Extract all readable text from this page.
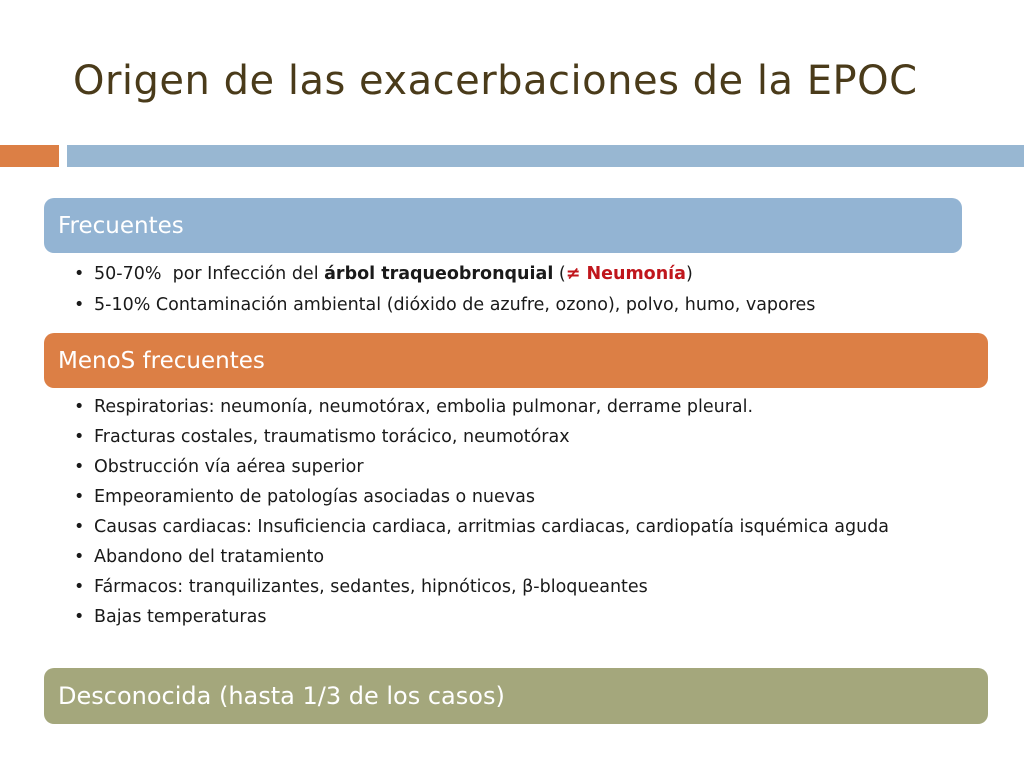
Origen de las exacerbaciones de la EPOC
Frecuentes
• 50-70%  por Infección del árbol traqueobronquial (≠ Neumonía)
• 5-10% Contaminación ambiental (dióxido de azufre, ozono), polvo, humo, vapores
MenoS frecuentes
• Respiratorias: neumonía, neumotórax, embolia pulmonar, derrame pleural.
• Fracturas costales, traumatismo torácico, neumotórax
• Obstrucción vía aérea superior
• Empeoramiento de patologías asociadas o nuevas
• Causas cardiacas: Insuficiencia cardiaca, arritmias cardiacas, cardiopatía isquémica aguda
• Abandono del tratamiento
• Fármacos: tranquilizantes, sedantes, hipnóticos, β-bloqueantes
• Bajas temperaturas
Desconocida (hasta 1/3 de los casos)
